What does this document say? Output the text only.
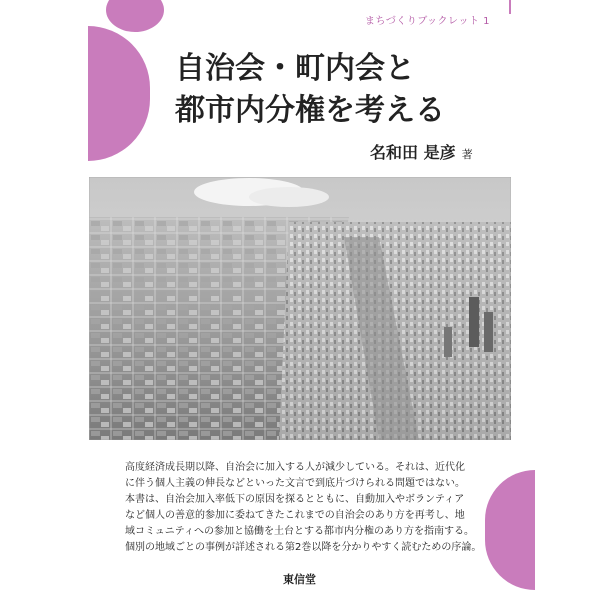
まちづくりブックレット 1
自治会・町内会と
都市内分権を考える
名和田 是彦 著

高度経済成長期以降、自治会に加入する人が減少している。それは、近代化

に伴う個人主義の伸長などといった文言で到底片づけられる問題ではない。

本書は、自治会加入率低下の原因を探るとともに、自動加入やボランティア

など個人の善意的参加に委ねてきたこれまでの自治会のあり方を再考し、地

域コミュニティへの参加と協働を土台とする都市内分権のあり方を指南する。

個別の地域ごとの事例が詳述される第2巻以降を分かりやすく読むための序論。

東信堂
